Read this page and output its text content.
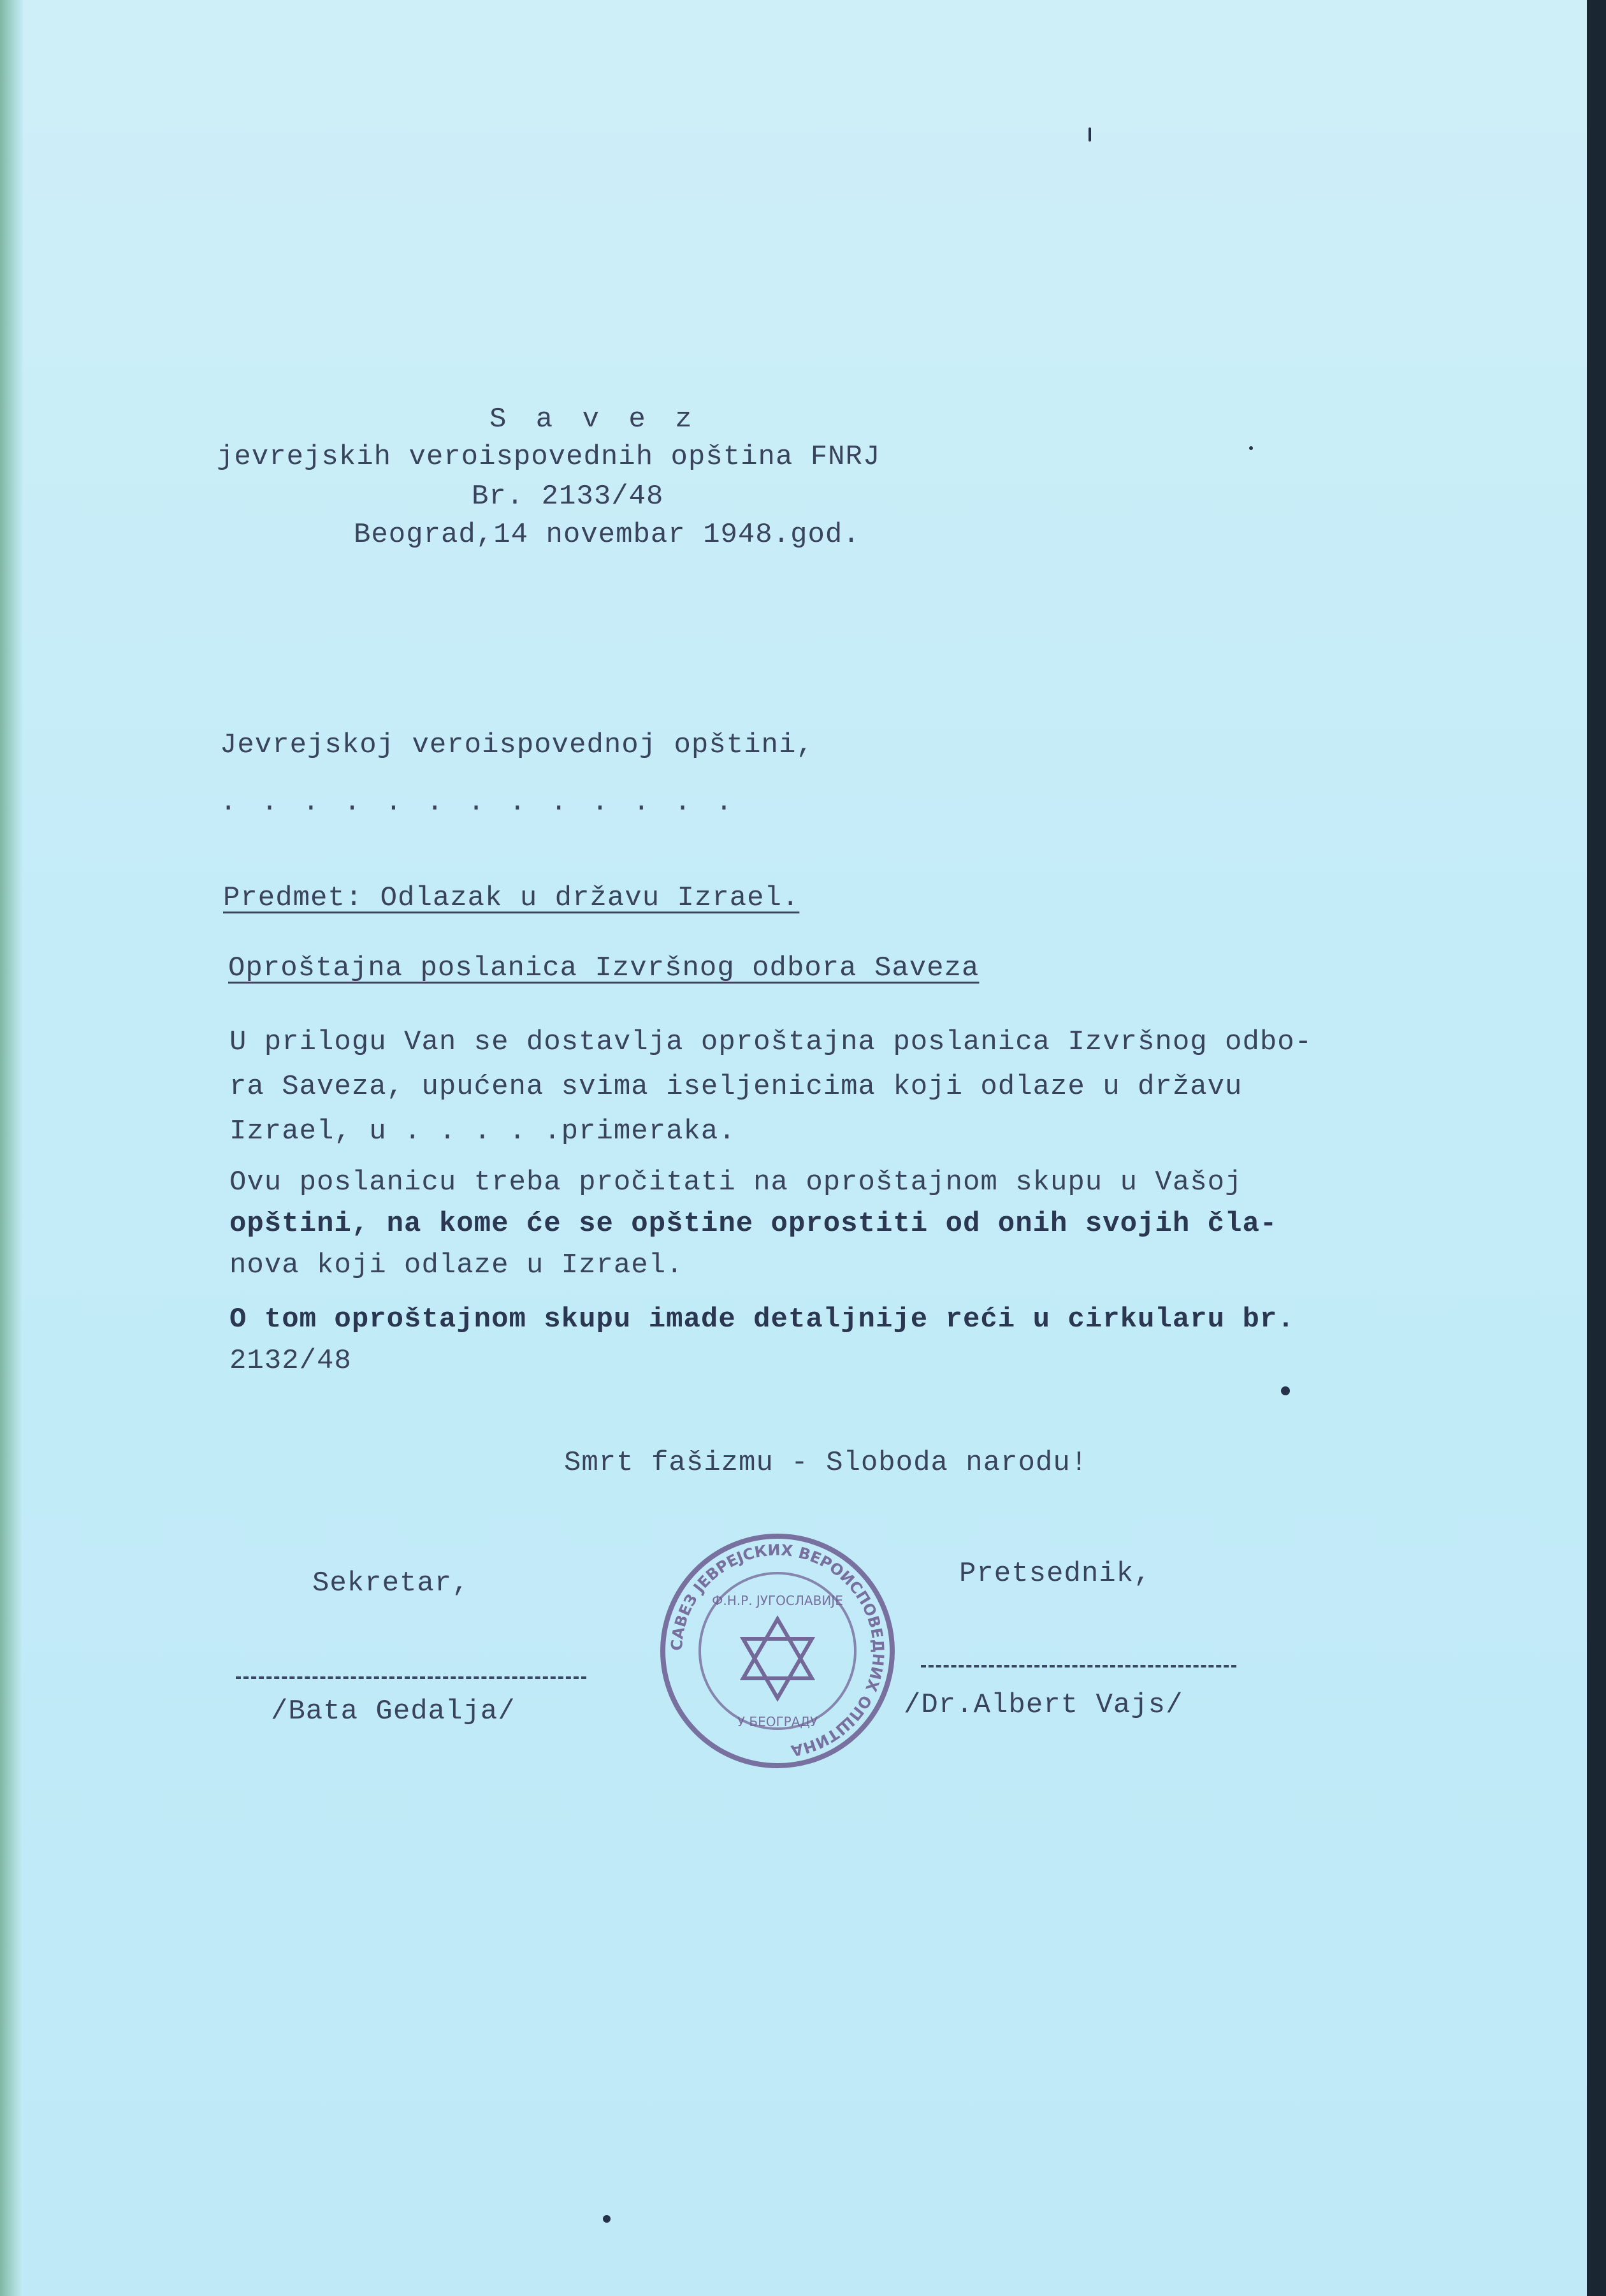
S a v e z
jevrejskih veroispovednih opština FNRJ
Br. 2133/48
Beograd,14 novembar 1948.god.
Jevrejskoj veroispovednoj opštini,
. . . . . . . . . . . . .
Predmet: Odlazak u državu Izrael.
Oproštajna poslanica Izvršnog odbora Saveza
U prilogu Van se dostavlja oproštajna poslanica Izvršnog odbo-
ra Saveza, upućena svima iseljenicima koji odlaze u državu
Izrael, u . . . . .primeraka.
Ovu poslanicu treba pročitati na oproštajnom skupu u Vašoj
opštini, na kome će se opštine oprostiti od onih svojih čla-
nova koji odlaze u Izrael.
O tom oproštajnom skupu imade detaljnije reći u cirkularu br.
2132/48
Smrt fašizmu - Sloboda narodu!
Sekretar,
/Bata Gedalja/
Pretsednik,
/Dr.Albert Vajs/
САВЕЗ ЈЕВРЕЈСКИХ ВЕРОИСПОВЕДНИХ ОПШТИНА
Ф.Н.Р. ЈУГОСЛАВИЈЕ
У БЕОГРАДУ
